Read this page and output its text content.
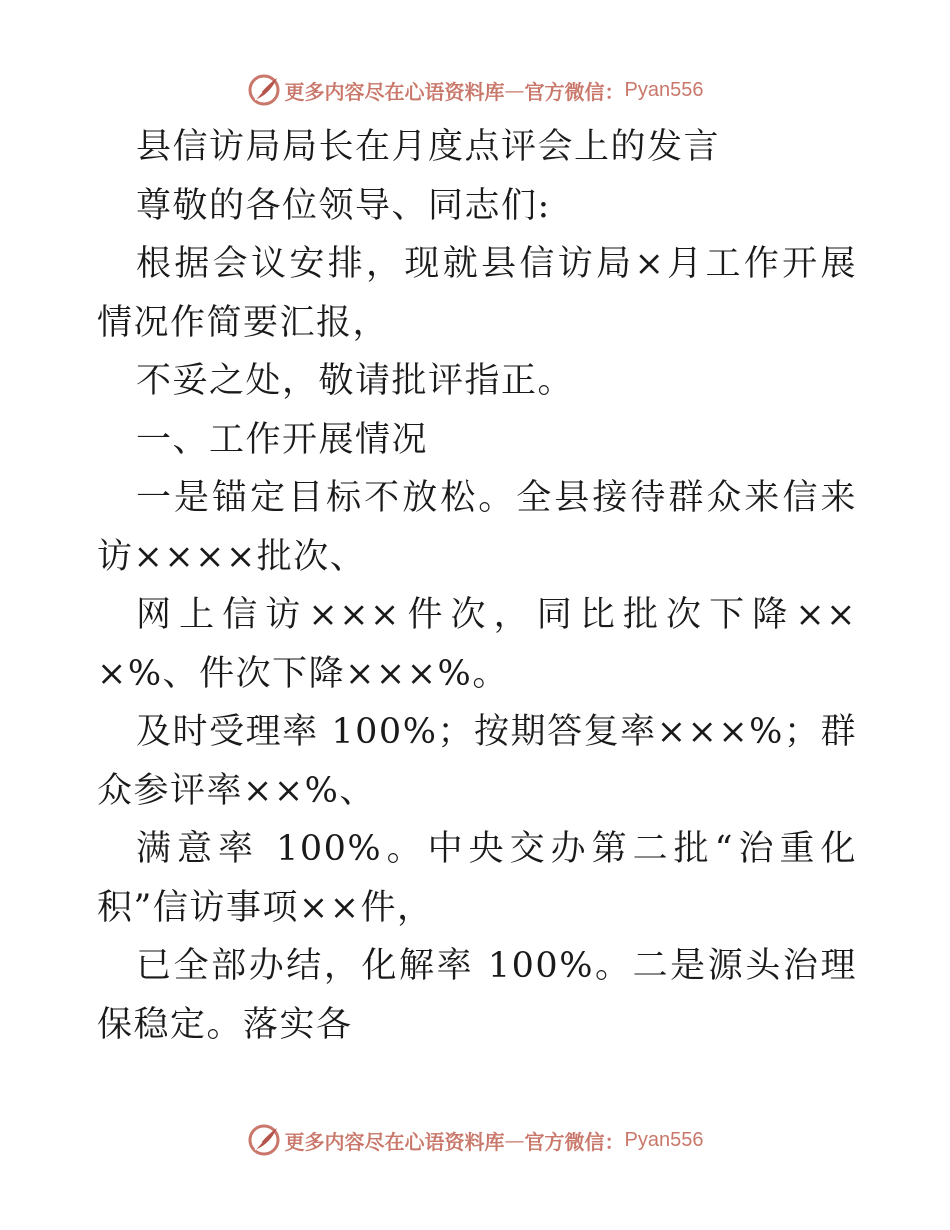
更多内容尽在心语资料库 — 官方微信： Pyan556

县信访局局长在月度点评会上的发言

尊敬的各位领导、同志们:

根据会议安排，现就县信访局×月工作开展情况作简要汇报，

不妥之处，敬请批评指正。

一、工作开展情况

一是锚定目标不放松。全县接待群众来信来访××××批次、

网上信访×××件次，同比批次下降×××%、件次下降×××%。

及时受理率 100%；按期答复率×××%；群众参评率××%、

满意率 100%。中央交办第二批“治重化积”信访事项××件，

已全部办结，化解率 100%。二是源头治理保稳定。落实各

更多内容尽在心语资料库 — 官方微信： Pyan556
